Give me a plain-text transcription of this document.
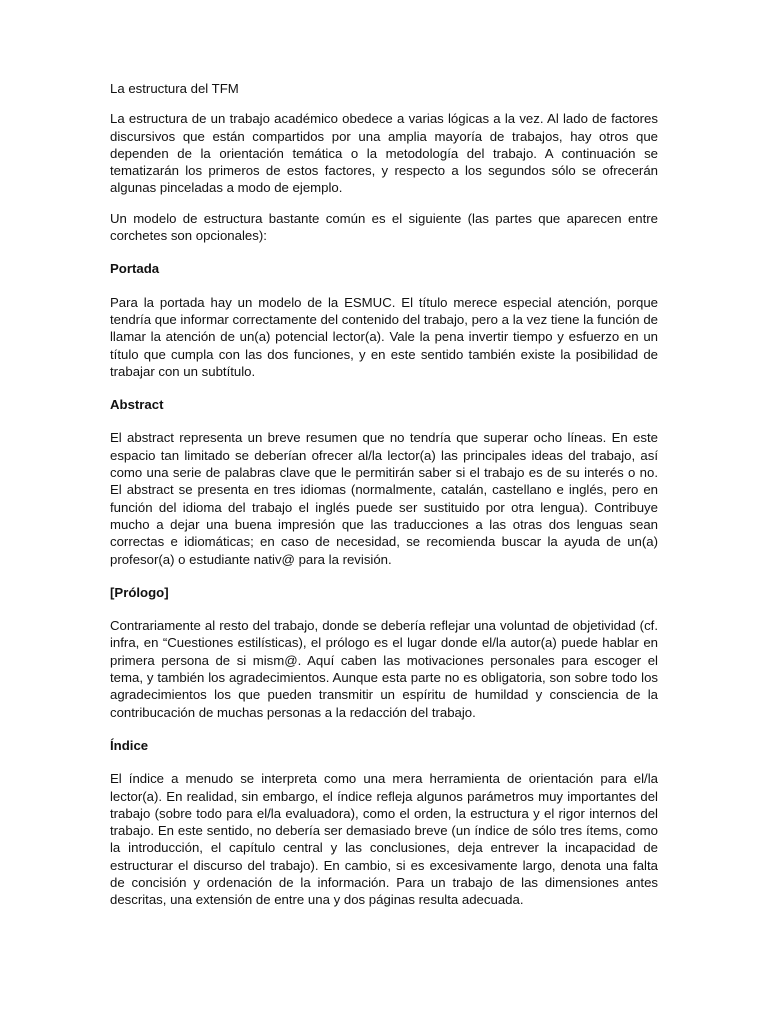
La estructura del TFM

La estructura de un trabajo académico obedece a varias lógicas a la vez. Al lado de factores discursivos que están compartidos por una amplia mayoría de trabajos, hay otros que dependen de la orientación temática o la metodología del trabajo. A continuación se tematizarán los primeros de estos factores, y respecto a los segundos sólo se ofrecerán algunas pinceladas a modo de ejemplo.

Un modelo de estructura bastante común es el siguiente (las partes que aparecen entre corchetes son opcionales):

Portada

Para la portada hay un modelo de la ESMUC. El título merece especial atención, porque tendría que informar correctamente del contenido del trabajo, pero a la vez tiene la función de llamar la atención de un(a) potencial lector(a). Vale la pena invertir tiempo y esfuerzo en un título que cumpla con las dos funciones, y en este sentido también existe la posibilidad de trabajar con un subtítulo.

Abstract

El abstract representa un breve resumen que no tendría que superar ocho líneas. En este espacio tan limitado se deberían ofrecer al/la lector(a) las principales ideas del trabajo, así como una serie de palabras clave que le permitirán saber si el trabajo es de su interés o no. El abstract se presenta en tres idiomas (normalmente, catalán, castellano e inglés, pero en función del idioma del trabajo el inglés puede ser sustituido por otra lengua). Contribuye mucho a dejar una buena impresión que las traducciones a las otras dos lenguas sean correctas e idiomáticas; en caso de necesidad, se recomienda buscar la ayuda de un(a) profesor(a) o estudiante nativ@ para la revisión.

[Prólogo]

Contrariamente al resto del trabajo, donde se debería reflejar una voluntad de objetividad (cf. infra, en “Cuestiones estilísticas), el prólogo es el lugar donde el/la autor(a) puede hablar en primera persona de si mism@. Aquí caben las motivaciones personales para escoger el tema, y también los agradecimientos. Aunque esta parte no es obligatoria, son sobre todo los agradecimientos los que pueden transmitir un espíritu de humildad y consciencia de la contribucación de muchas personas a la redacción del trabajo.

Índice

El índice a menudo se interpreta como una mera herramienta de orientación para el/la lector(a). En realidad, sin embargo, el índice refleja algunos parámetros muy importantes del trabajo (sobre todo para el/la evaluadora), como el orden, la estructura y el rigor internos del trabajo. En este sentido, no debería ser demasiado breve (un índice de sólo tres ítems, como la introducción, el capítulo central y las conclusiones, deja entrever la incapacidad de estructurar el discurso del trabajo). En cambio, si es excesivamente largo, denota una falta de concisión y ordenación de la información. Para un trabajo de las dimensiones antes descritas, una extensión de entre una y dos páginas resulta adecuada.
